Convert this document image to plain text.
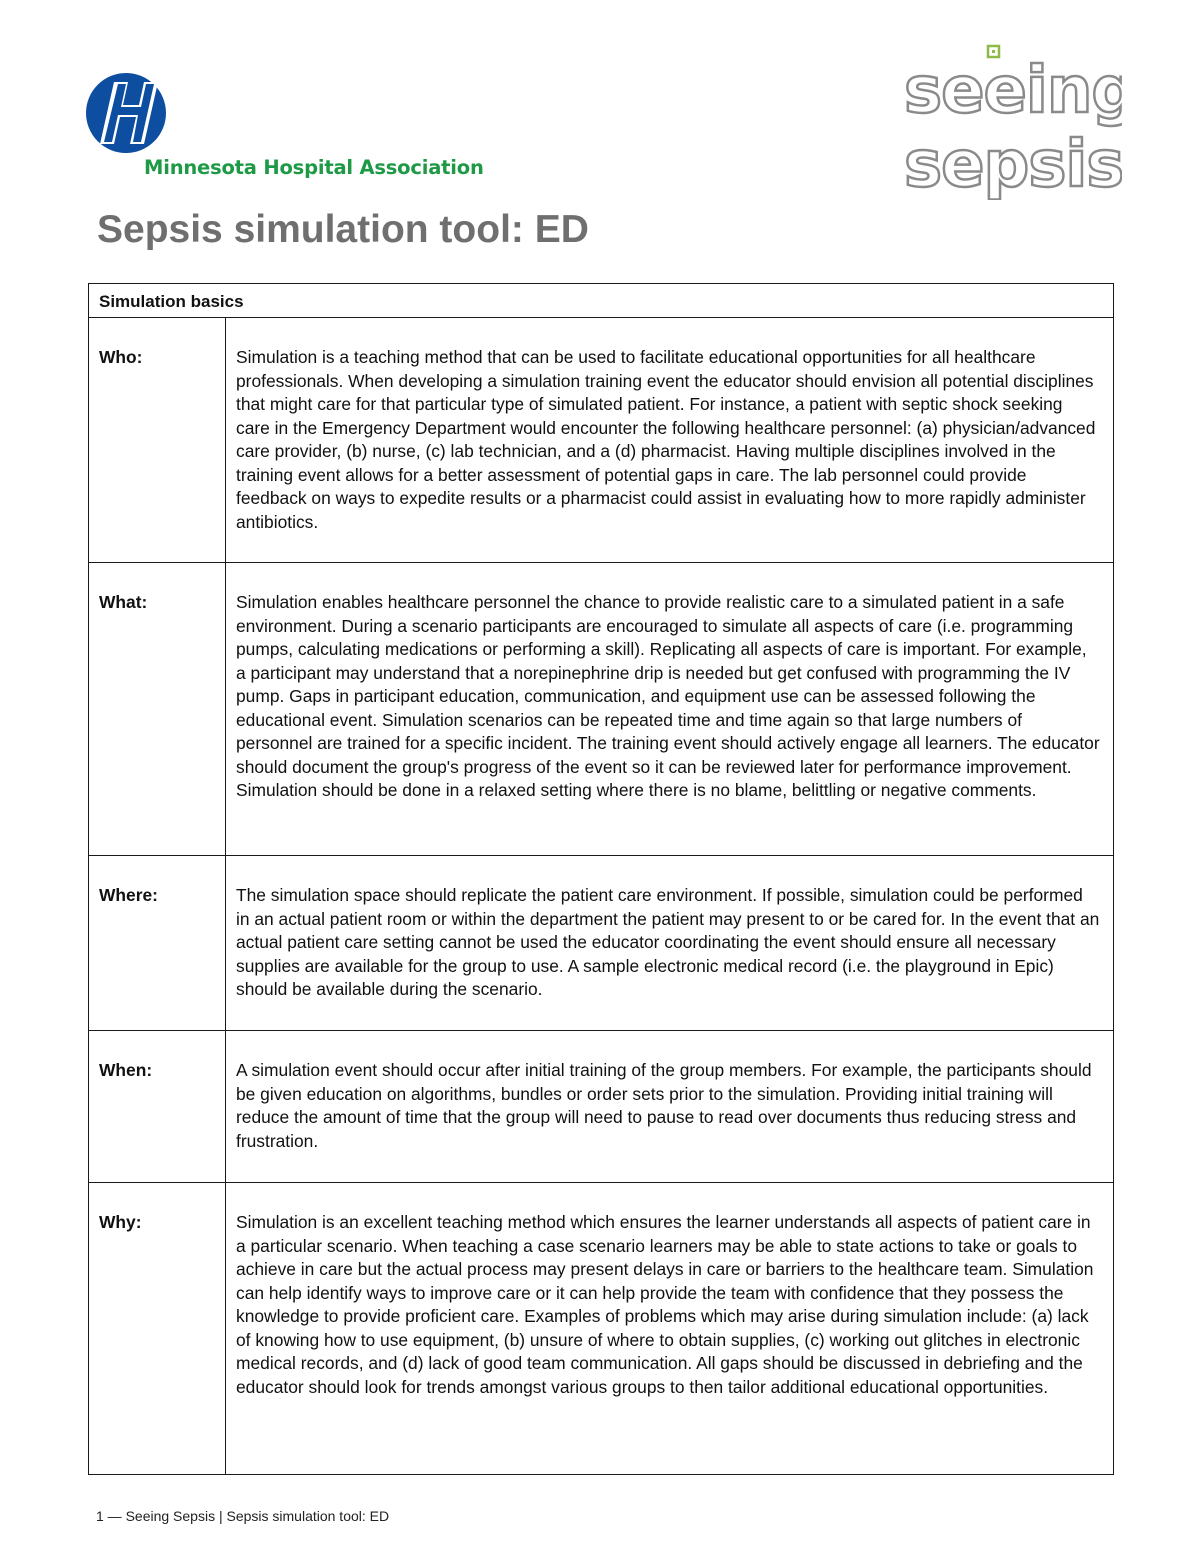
Minnesota Hospital Association
seeing
sepsis
Sepsis simulation tool: ED
Simulation basics	
Who:	Simulation is a teaching method that can be used to facilitate educational opportunities for all healthcare professionals. When developing a simulation training event the educator should envision all potential disciplines that might care for that particular type of simulated patient. For instance, a patient with septic shock seeking care in the Emergency Department would encounter the following healthcare personnel: (a) physician/advanced care provider, (b) nurse, (c) lab technician, and a (d) pharmacist. Having multiple disciplines involved in the training event allows for a better assessment of potential gaps in care. The lab personnel could provide feedback on ways to expedite results or a pharmacist could assist in evaluating how to more rapidly administer antibiotics.
What:	Simulation enables healthcare personnel the chance to provide realistic care to a simulated patient in a safe environment. During a scenario participants are encouraged to simulate all aspects of care (i.e. programming pumps, calculating medications or performing a skill). Replicating all aspects of care is important. For example, a participant may understand that a norepinephrine drip is needed but get confused with programming the IV pump. Gaps in participant education, communication, and equipment use can be assessed following the educational event. Simulation scenarios can be repeated time and time again so that large numbers of personnel are trained for a specific incident. The training event should actively engage all learners. The educator should document the group's progress of the event so it can be reviewed later for performance improvement. Simulation should be done in a relaxed setting where there is no blame, belittling or negative comments.
Where:	The simulation space should replicate the patient care environment. If possible, simulation could be performed in an actual patient room or within the department the patient may present to or be cared for. In the event that an actual patient care setting cannot be used the educator coordinating the event should ensure all necessary supplies are available for the group to use. A sample electronic medical record (i.e. the playground in Epic) should be available during the scenario.
When:	A simulation event should occur after initial training of the group members. For example, the participants should be given education on algorithms, bundles or order sets prior to the simulation. Providing initial training will reduce the amount of time that the group will need to pause to read over documents thus reducing stress and frustration.
Why:	Simulation is an excellent teaching method which ensures the learner understands all aspects of patient care in a particular scenario. When teaching a case scenario learners may be able to state actions to take or goals to achieve in care but the actual process may present delays in care or barriers to the healthcare team. Simulation can help identify ways to improve care or it can help provide the team with confidence that they possess the knowledge to provide proficient care. Examples of problems which may arise during simulation include: (a) lack of knowing how to use equipment, (b) unsure of where to obtain supplies, (c) working out glitches in electronic medical records, and (d) lack of good team communication. All gaps should be discussed in debriefing and the educator should look for trends amongst various groups to then tailor additional educational opportunities.
1 — Seeing Sepsis | Sepsis simulation tool: ED
